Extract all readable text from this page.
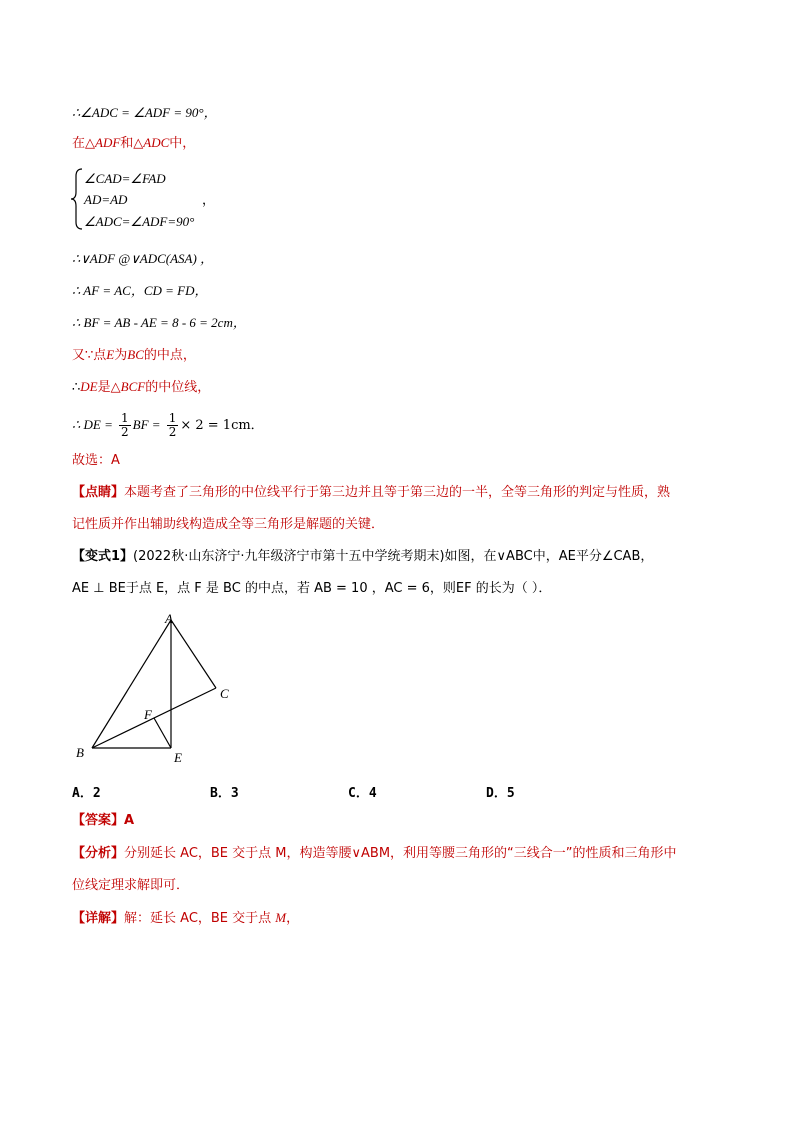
∴∠ADC = ∠ADF = 90°，
在△ADF和△ADC中，
∠CAD=∠FAD
AD=AD	，
∠ADC=∠ADF=90°
∴∨ADF @∨ADC(ASA) ，
∴ AF = AC，CD = FD，
∴ BF = AB - AE = 8 - 6 = 2cm，
又∵点E为BC的中点，
∴DE是△BCF的中位线，
∴ DE = $\frac{1}{2}$ BF = $\frac{1}{2} \times 2 = 1cm$．
故选：A
【点睛】本题考查了三角形的中位线平行于第三边并且等于第三边的一半，全等三角形的判定与性质，熟
记性质并作出辅助线构造成全等三角形是解题的关键．
【变式1】(2022秋·山东济宁·九年级济宁市第十五中学统考期末)如图，在∨ABC中，AE平分∠CAB，
AE ⊥ BE于点 E，点 F 是 BC 的中点，若 AB = 10 ，AC = 6，则EF 的长为（ ）．
A
C
F
B	E
A．2	B．3	C．4	D．5
【答案】A
【分析】分别延长 AC，BE 交于点 M，构造等腰∨ABM，利用等腰三角形的“三线合一”的性质和三角形中
位线定理求解即可．
【详解】解：延长 AC，BE 交于点 M，
